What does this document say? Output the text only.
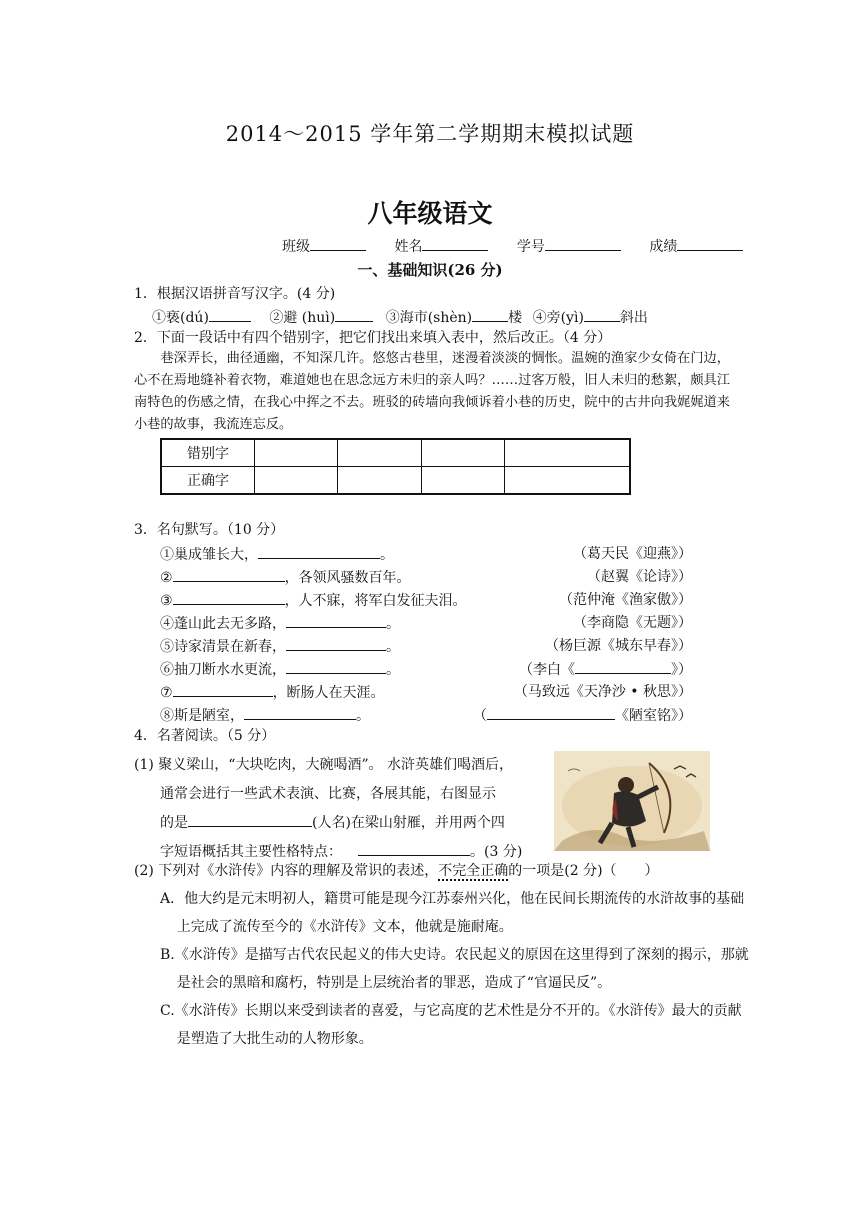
2014～2015 学年第二学期期末模拟试题
八年级语文
班级	姓名	学号	成绩
一、基础知识(26 分)
1．根据汉语拼音写汉字。(4 分)
①亵(dú)	②避 (huì)	③海市(shèn)	楼 ④旁(yì)	斜出
2．下面一段话中有四个错别字，把它们找出来填入表中，然后改正。（4 分）
巷深弄长，曲径通幽，不知深几许。悠悠古巷里，迷漫着淡淡的惆怅。温婉的渔家少女倚在门边，心不在焉地缝补着衣物，难道她也在思念远方未归的亲人吗？……过客万般，旧人未归的愁絮，颇具江南特色的伤感之情，在我心中挥之不去。班驳的砖墙向我倾诉着小巷的历史，院中的古井向我娓娓道来小巷的故事，我流连忘反。
错别字				
正确字				
3．名句默写。（10 分）
①巢成雏长大，	。	（葛天民《迎燕》）
②	，各领风骚数百年。	（赵翼《论诗》）
③	，人不寐，将军白发征夫泪。	（范仲淹《渔家傲》）
④蓬山此去无多路，	。	（李商隐《无题》）
⑤诗家清景在新春，	。	（杨巨源《城东早春》）
⑥抽刀断水水更流，	。	（李白《	》）
⑦	，断肠人在天涯。	（马致远《天净沙 • 秋思》）
⑧斯是陋室，	。	（	《陋室铭》）
4．名著阅读。（5 分）
(1) 聚义梁山，“大块吃肉，大碗喝酒”。 水浒英雄们喝酒后，
通常会进行一些武术表演、比赛，各展其能，右图显示
的是	(人名)在梁山射雁，并用两个四
字短语概括其主要性格特点：	。(3 分)
(2) 下列对《水浒传》内容的理解及常识的表述，不完全正确的一项是(2 分)（　　）
A．他大约是元末明初人，籍贯可能是现今江苏泰州兴化，他在民间长期流传的水浒故事的基础上完成了流传至今的《水浒传》文本，他就是施耐庵。
B.《水浒传》是描写古代农民起义的伟大史诗。农民起义的原因在这里得到了深刻的揭示，那就是社会的黑暗和腐朽，特别是上层统治者的罪恶，造成了“官逼民反”。
C.《水浒传》长期以来受到读者的喜爱，与它高度的艺术性是分不开的。《水浒传》最大的贡献是塑造了大批生动的人物形象。
